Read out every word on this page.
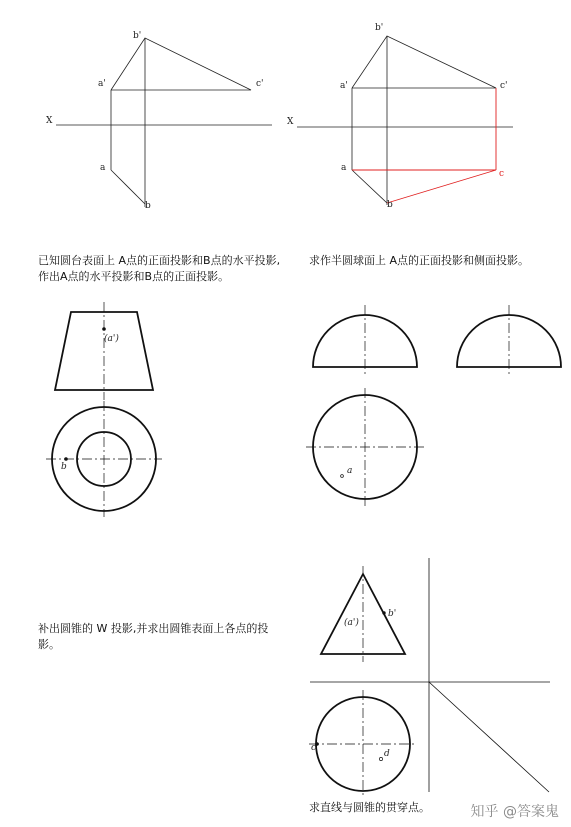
b'
a'	c'
X
a
b
b'
a'	c'
X
a
b
c
(a')
b	a
(a')
b'
c
d

已知圆台表面上 A点的正面投影和B点的水平投影,作出A点的水平投影和B点的正面投影。

求作半圆球面上 A点的正面投影和侧面投影。

补出圆锥的 W 投影,并求出圆锥表面上各点的投影。

求直线与圆锥的贯穿点。	知乎 @答案鬼
